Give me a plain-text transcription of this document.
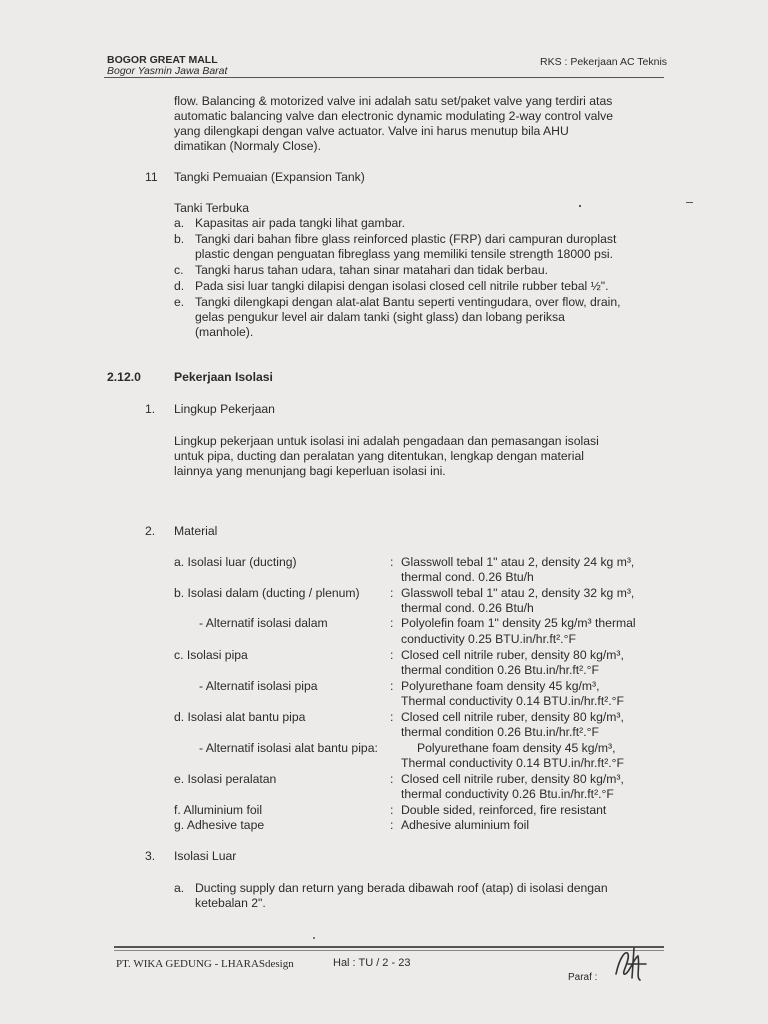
BOGOR GREAT MALL
Bogor Yasmin Jawa Barat
RKS : Pekerjaan AC Teknis
flow. Balancing & motorized valve ini adalah satu set/paket valve yang terdiri atas
automatic balancing valve dan electronic dynamic modulating 2-way control valve
yang dilengkapi dengan valve actuator. Valve ini harus menutup bila AHU
dimatikan (Normaly Close).
11 Tangki Pemuaian (Expansion Tank)
Tanki Terbuka
a. Kapasitas air pada tangki lihat gambar.
b. Tangki dari bahan fibre glass reinforced plastic (FRP) dari campuran duroplast
plastic dengan penguatan fibreglass yang memiliki tensile strength 18000 psi.
c. Tangki harus tahan udara, tahan sinar matahari dan tidak berbau.
d. Pada sisi luar tangki dilapisi dengan isolasi closed cell nitrile rubber tebal ½".
e. Tangki dilengkapi dengan alat-alat Bantu seperti ventingudara, over flow, drain,
gelas pengukur level air dalam tanki (sight glass) dan lobang periksa
(manhole).
2.12.0	Pekerjaan Isolasi
1. Lingkup Pekerjaan
Lingkup pekerjaan untuk isolasi ini adalah pengadaan dan pemasangan isolasi
untuk pipa, ducting dan peralatan yang ditentukan, lengkap dengan material
lainnya yang menunjang bagi keperluan isolasi ini.
2. Material
a. Isolasi luar (ducting)	: Glasswoll tebal 1" atau 2, density 24 kg m³,
thermal cond. 0.26 Btu/h
b. Isolasi dalam (ducting / plenum) : Glasswoll tebal 1" atau 2, density 32 kg m³,
thermal cond. 0.26 Btu/h
- Alternatif isolasi dalam	: Polyolefin foam 1" density 25 kg/m³ thermal
conductivity 0.25 BTU.in/hr.ft².°F
c. Isolasi pipa	: Closed cell nitrile ruber, density 80 kg/m³,
thermal condition 0.26 Btu.in/hr.ft².°F
- Alternatif isolasi pipa	: Polyurethane foam density 45 kg/m³,
Thermal conductivity 0.14 BTU.in/hr.ft².°F
d. Isolasi alat bantu pipa	: Closed cell nitrile ruber, density 80 kg/m³,
thermal condition 0.26 Btu.in/hr.ft².°F
- Alternatif isolasi alat bantu pipa:	Polyurethane foam density 45 kg/m³,
Thermal conductivity 0.14 BTU.in/hr.ft².°F
e. Isolasi peralatan	: Closed cell nitrile ruber, density 80 kg/m³,
thermal conductivity 0.26 Btu.in/hr.ft².°F
f. Alluminium foil	: Double sided, reinforced, fire resistant
g. Adhesive tape	: Adhesive aluminium foil
3. Isolasi Luar
a. Ducting supply dan return yang berada dibawah roof (atap) di isolasi dengan
ketebalan 2".
PT. WIKA GEDUNG - LHARASdesign	Hal : TU / 2 - 23
Paraf :
